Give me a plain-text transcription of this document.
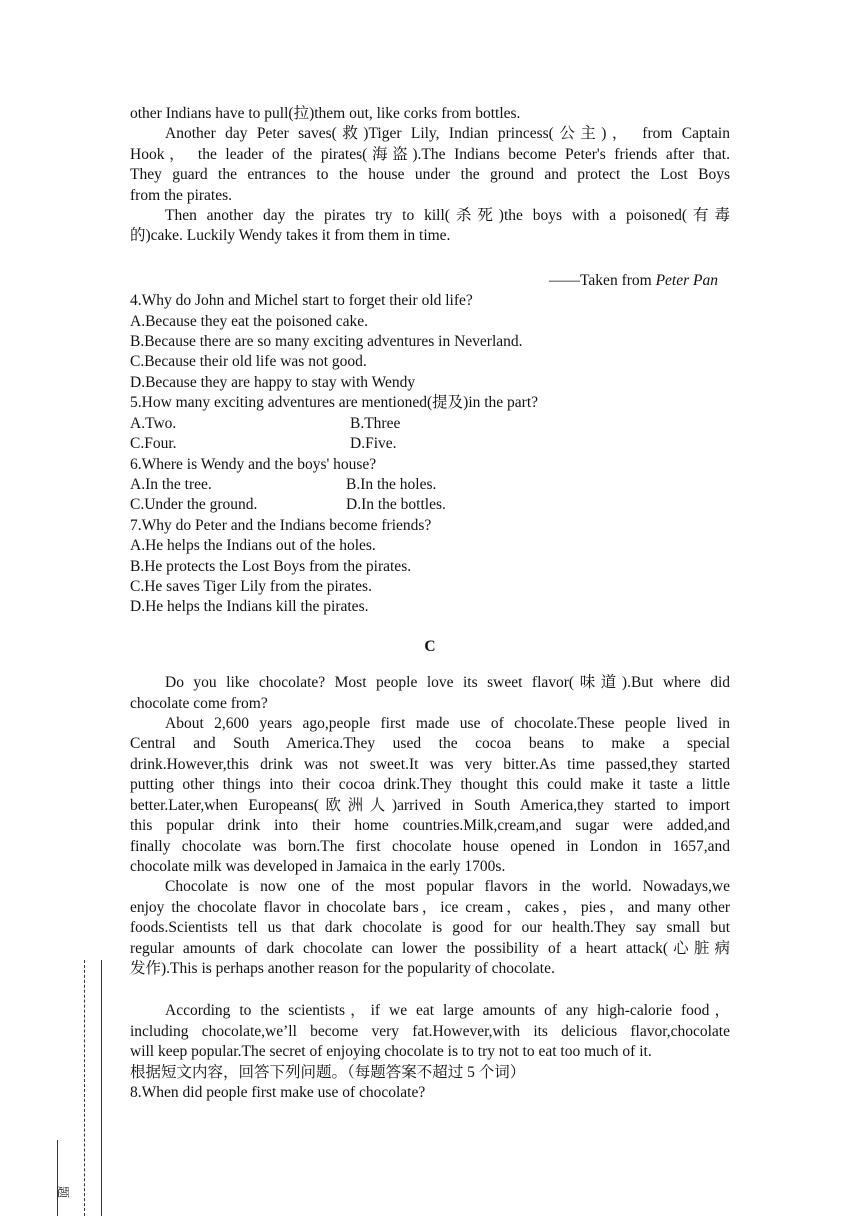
other Indians have to pull(拉)them out, like corks from bottles.

Another day Peter saves(救)Tiger Lily, Indian princess(公主)， from Captain

Hook， the leader of the pirates(海盗).The Indians become Peter's friends after that.

They guard the entrances to the house under the ground and protect the Lost Boys

from the pirates.

Then another day the pirates try to kill(杀死)the boys with a poisoned(有毒

的)cake. Luckily Wendy takes it from them in time.

——Taken from Peter Pan

4.Why do John and Michel start to forget their old life?

A.Because they eat the poisoned cake.

B.Because there are so many exciting adventures in Neverland.

C.Because their old life was not good.

D.Because they are happy to stay with Wendy

5.How many exciting adventures are mentioned(提及)in the part?

A.Two.	B.Three
C.Four.	D.Five.

6.Where is Wendy and the boys' house?

A.In the tree.	B.In the holes.
C.Under the ground.	D.In the bottles.

7.Why do Peter and the Indians become friends?

A.He helps the Indians out of the holes.

B.He protects the Lost Boys from the pirates.

C.He saves Tiger Lily from the pirates.

D.He helps the Indians kill the pirates.

C

Do you like chocolate? Most people love its sweet flavor(味道).But where did

chocolate come from?

About 2,600 years ago,people first made use of chocolate.These people lived in

Central and South America.They used the cocoa beans to make a special

drink.However,this drink was not sweet.It was very bitter.As time passed,they started

putting other things into their cocoa drink.They thought this could make it taste a little

better.Later,when Europeans(欧洲人)arrived in South America,they started to import

this popular drink into their home countries.Milk,cream,and sugar were added,and

finally chocolate was born.The first chocolate house opened in London in 1657,and

chocolate milk was developed in Jamaica in the early 1700s.

Chocolate is now one of the most popular flavors in the world. Nowadays,we

enjoy the chocolate flavor in chocolate bars，ice cream，cakes，pies，and many other

foods.Scientists tell us that dark chocolate is good for our health.They say small but

regular amounts of dark chocolate can lower the possibility of a heart attack(心脏病

发作).This is perhaps another reason for the popularity of chocolate.

According to the scientists，if we eat large amounts of any high-calorie food，

including chocolate,we’ll become very fat.However,with its delicious flavor,chocolate

will keep popular.The secret of enjoying chocolate is to try not to eat too much of it.

根据短文内容，回答下列问题。（每题答案不超过 5 个词）

8.When did people first make use of chocolate?

题
